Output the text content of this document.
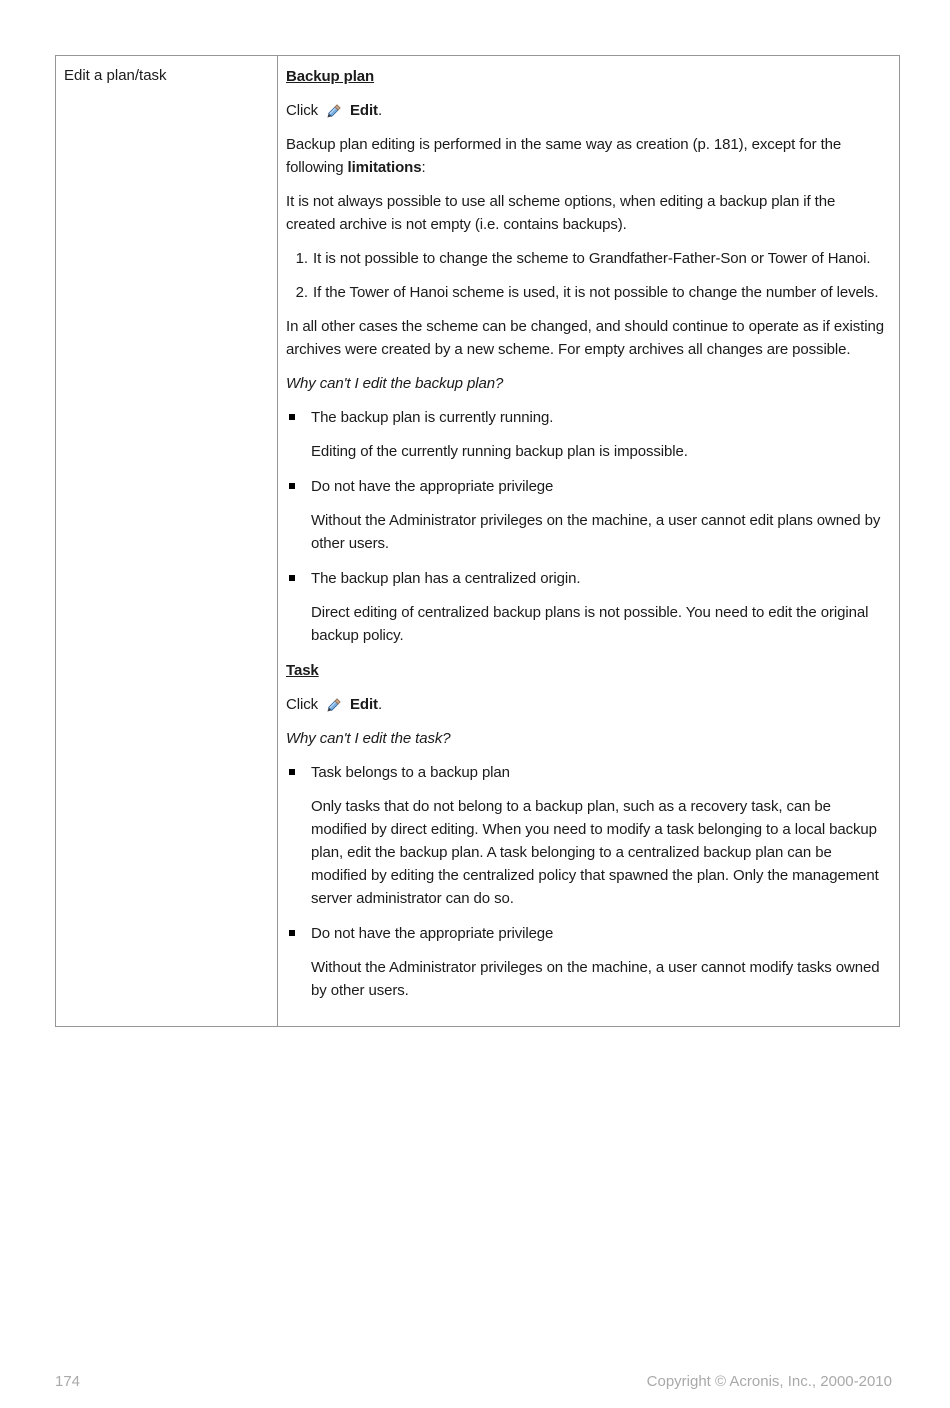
Edit a plan/task	Backup plan

Click Edit .

Backup plan editing is performed in the same way as creation (p. 181), except for the following limitations:

It is not always possible to use all scheme options, when editing a backup plan if the created archive is not empty (i.e. contains backups).

1. It is not possible to change the scheme to Grandfather-Father-Son or Tower of Hanoi.
2. If the Tower of Hanoi scheme is used, it is not possible to change the number of levels.

In all other cases the scheme can be changed, and should continue to operate as if existing archives were created by a new scheme. For empty archives all changes are possible.

Why can't I edit the backup plan?

The backup plan is currently running.

Editing of the currently running backup plan is impossible.

Do not have the appropriate privilege

Without the Administrator privileges on the machine, a user cannot edit plans owned by other users.

The backup plan has a centralized origin.

Direct editing of centralized backup plans is not possible. You need to edit the original backup policy.

Task

Click Edit .

Why can't I edit the task?

Task belongs to a backup plan

Only tasks that do not belong to a backup plan, such as a recovery task, can be modified by direct editing. When you need to modify a task belonging to a local backup plan, edit the backup plan. A task belonging to a centralized backup plan can be modified by editing the centralized policy that spawned the plan. Only the management server administrator can do so.

Do not have the appropriate privilege

Without the Administrator privileges on the machine, a user cannot modify tasks owned by other users.

174	Copyright © Acronis, Inc., 2000-2010
